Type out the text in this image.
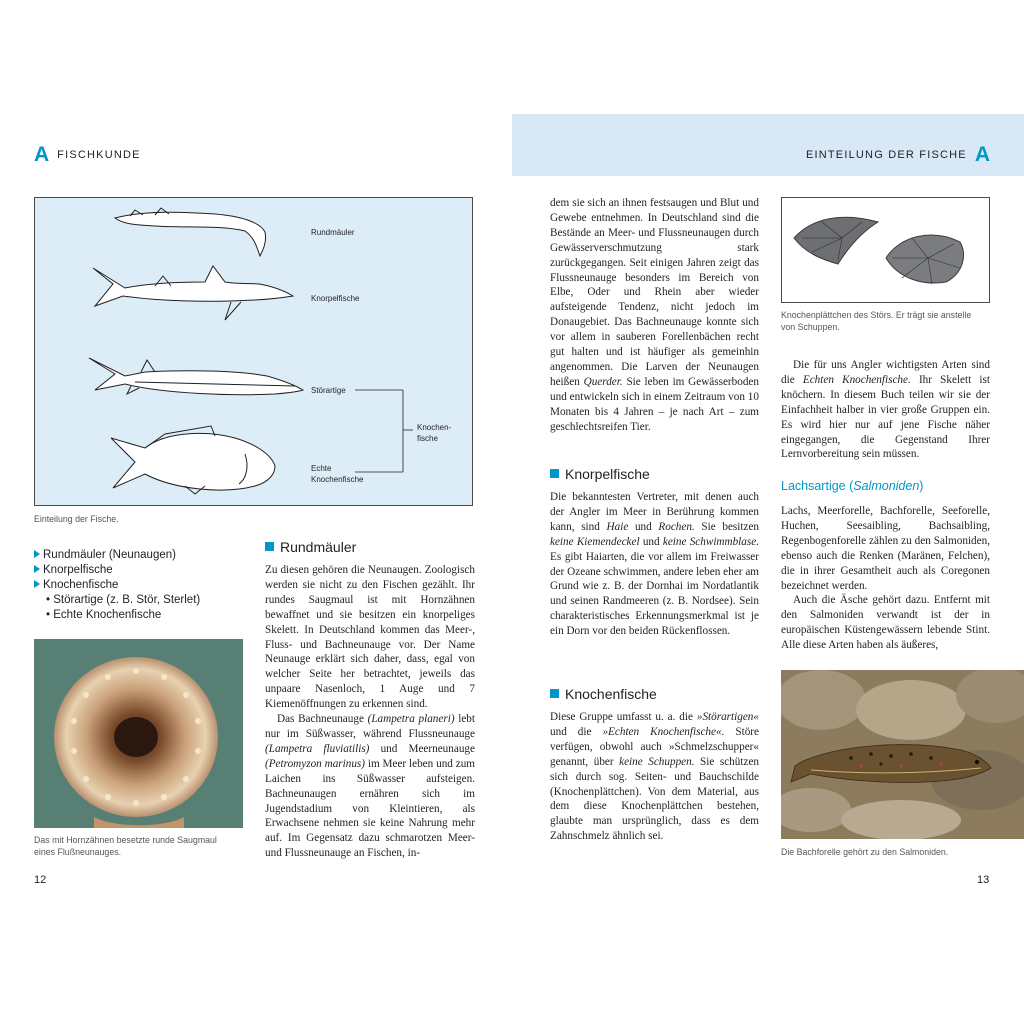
A FISCHKUNDE	EINTEILUNG DER FISCHE A
Rundmäuler
Knorpelfische
Störartige
Echte
Knochenfische
Knochen-
fische
Einteilung der Fische.
Rundmäuler (Neunaugen)
Knorpelfische
Knochenfische
• Störartige (z. B. Stör, Sterlet)
• Echte Knochenfische
Das mit Hornzähnen besetzte runde Saugmaul
eines Flußneunauges.
Rundmäuler

Zu diesen gehören die Neunaugen. Zoologisch werden sie nicht zu den Fischen gezählt. Ihr rundes Saugmaul ist mit Hornzähnen bewaffnet und sie besitzen ein knorpeliges Skelett. In Deutschland kommen das Meer-, Fluss- und Bachneunauge vor. Der Name Neunauge erklärt sich daher, dass, egal von welcher Seite her betrachtet, jeweils das unpaare Nasenloch, 1 Auge und 7 Kiemenöffnungen zu erkennen sind.

Das Bachneunauge (Lampetra planeri) lebt nur im Süßwasser, während Flussneunauge (Lampetra fluviatilis) und Meerneunauge (Petromyzon marinus) im Meer leben und zum Laichen ins Süßwasser aufsteigen. Bachneunaugen ernähren sich im Jugendstadium von Kleintieren, als Erwachsene nehmen sie keine Nahrung mehr auf. Im Gegensatz dazu schmarotzen Meer- und Flussneunauge an Fischen, in-

12

dem sie sich an ihnen festsaugen und Blut und Gewebe entnehmen. In Deutschland sind die Bestände an Meer- und Flussneunaugen durch Gewässerverschmutzung stark zurückgegangen. Seit einigen Jahren zeigt das Flussneunauge besonders im Bereich von Elbe, Oder und Rhein aber wieder aufsteigende Tendenz, nicht jedoch im Donaugebiet. Das Bachneunauge konnte sich vor allem in sauberen Forellenbächen recht gut halten und ist häufiger als gemeinhin angenommen. Die Larven der Neunaugen heißen Querder. Sie leben im Gewässerboden und entwickeln sich in einem Zeitraum von 10 Monaten bis 4 Jahren – je nach Art – zum geschlechtsreifen Tier.

Knorpelfische

Die bekanntesten Vertreter, mit denen auch der Angler im Meer in Berührung kommen kann, sind Haie und Rochen. Sie besitzen keine Kiemendeckel und keine Schwimmblase. Es gibt Haiarten, die vor allem im Freiwasser der Ozeane schwimmen, andere leben eher am Grund wie z. B. der Dornhai im Nordatlantik und seinen Randmeeren (z. B. Nordsee). Sein charakteristisches Erkennungsmerkmal ist je ein Dorn vor den beiden Rückenflossen.

Knochenfische

Diese Gruppe umfasst u. a. die »Störartigen« und die »Echten Knochenfische«. Störe verfügen, obwohl auch »Schmelzschupper« genannt, über keine Schuppen. Sie schützen sich durch sog. Seiten- und Bauchschilde (Knochenplättchen). Von dem Material, aus dem diese Knochenplättchen bestehen, glaubte man ursprünglich, dass es dem Zahnschmelz ähnlich sei.

Knochenplättchen des Störs. Er trägt sie anstelle
von Schuppen.

Die für uns Angler wichtigsten Arten sind die Echten Knochenfische. Ihr Skelett ist knöchern. In diesem Buch teilen wir sie der Einfachheit halber in vier große Gruppen ein. Es wird hier nur auf jene Fische näher eingegangen, die Gegenstand Ihrer Lernvorbereitung sein müssen.

Lachsartige (Salmoniden)

Lachs, Meerforelle, Bachforelle, Seeforelle, Huchen, Seesaibling, Bachsaibling, Regenbogenforelle zählen zu den Salmoniden, ebenso auch die Renken (Maränen, Felchen), die in ihrer Gesamtheit auch als Coregonen bezeichnet werden.

Auch die Äsche gehört dazu. Entfernt mit den Salmoniden verwandt ist der in europäischen Küstengewässern lebende Stint. Alle diese Arten haben als äußeres,

Die Bachforelle gehört zu den Salmoniden.
13
